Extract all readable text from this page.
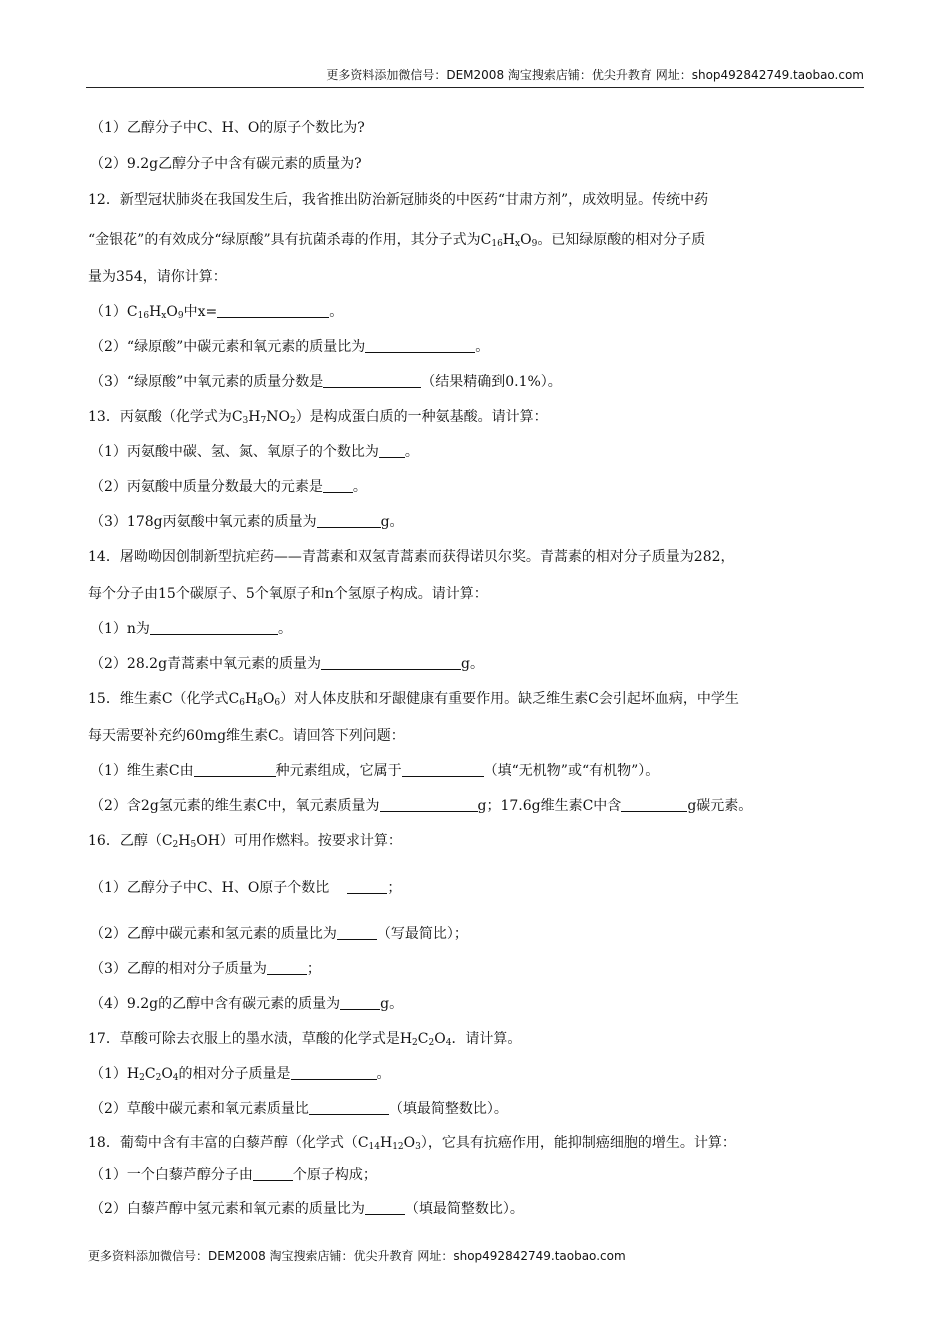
更多资料添加微信号：DEM2008 淘宝搜索店铺：优尖升教育 网址：shop492842749.taobao.com
（1）乙醇分子中C、H、O的原子个数比为?
（2）9.2g乙醇分子中含有碳元素的质量为?
12．新型冠状肺炎在我国发生后，我省推出防治新冠肺炎的中医药“甘肃方剂”，成效明显。传统中药
“金银花”的有效成分“绿原酸”具有抗菌杀毒的作用，其分子式为$C_{16}H_xO_9$。已知绿原酸的相对分子质
量为354，请你计算：
$(1)C_{16}H_xO_9$中x=	。
（2）“绿原酸”中碳元素和氧元素的质量比为	。
（3）“绿原酸”中氧元素的质量分数是	（结果精确到0.1%）。
13．丙氨酸（化学式为$C_3H_7NO_2$）是构成蛋白质的一种氨基酸。请计算：
（1）丙氨酸中碳、氢、氮、氧原子的个数比为 。
（2）丙氨酸中质量分数最大的元素是 。
（3）178g丙氨酸中氧元素的质量为	g。
14．屠呦呦因创制新型抗疟药——青蒿素和双氢青蒿素而获得诺贝尔奖。青蒿素的相对分子质量为282，
每个分子由15个碳原子、5个氧原子和n个氢原子构成。请计算：
（1）n为	。
（2）28.2g青蒿素中氧元素的质量为	g。
15．维生素C（化学式$C_6H_8O_6$）对人体皮肤和牙龈健康有重要作用。缺乏维生素C会引起坏血病，中学生
每天需要补充约60mg维生素C。请回答下列问题：
（1）维生素C由	种元素组成，它属于	（填“无机物”或“有机物”）。
（2）含2g氢元素的维生素C中，氧元素质量为	g；17.6g维生素C中含	g碳元素。
16．乙醇$(C_2H_5OH)$可用作燃料。按要求计算：
（1）乙醇分子中C、H、O原子个数比	；
（2）乙醇中碳元素和氢元素的质量比为	（写最简比）；
（3）乙醇的相对分子质量为	；
（4）9.2g的乙醇中含有碳元素的质量为	g。
17．草酸可除去衣服上的墨水渍，草酸的化学式是$H_2C_2O_4$．请计算。
$(1)H_2C_2O_4$的相对分子质量是	。
（2）草酸中碳元素和氧元素质量比	（填最简整数比）。
18．葡萄中含有丰富的白藜芦醇（化学式$(C_{14}H_{12}O_3)$，它具有抗癌作用，能抑制癌细胞的增生。计算：
（1）一个白藜芦醇分子由	个原子构成；
（2）白藜芦醇中氢元素和氧元素的质量比为	（填最简整数比）。
更多资料添加微信号：DEM2008 淘宝搜索店铺：优尖升教育 网址：shop492842749.taobao.com
